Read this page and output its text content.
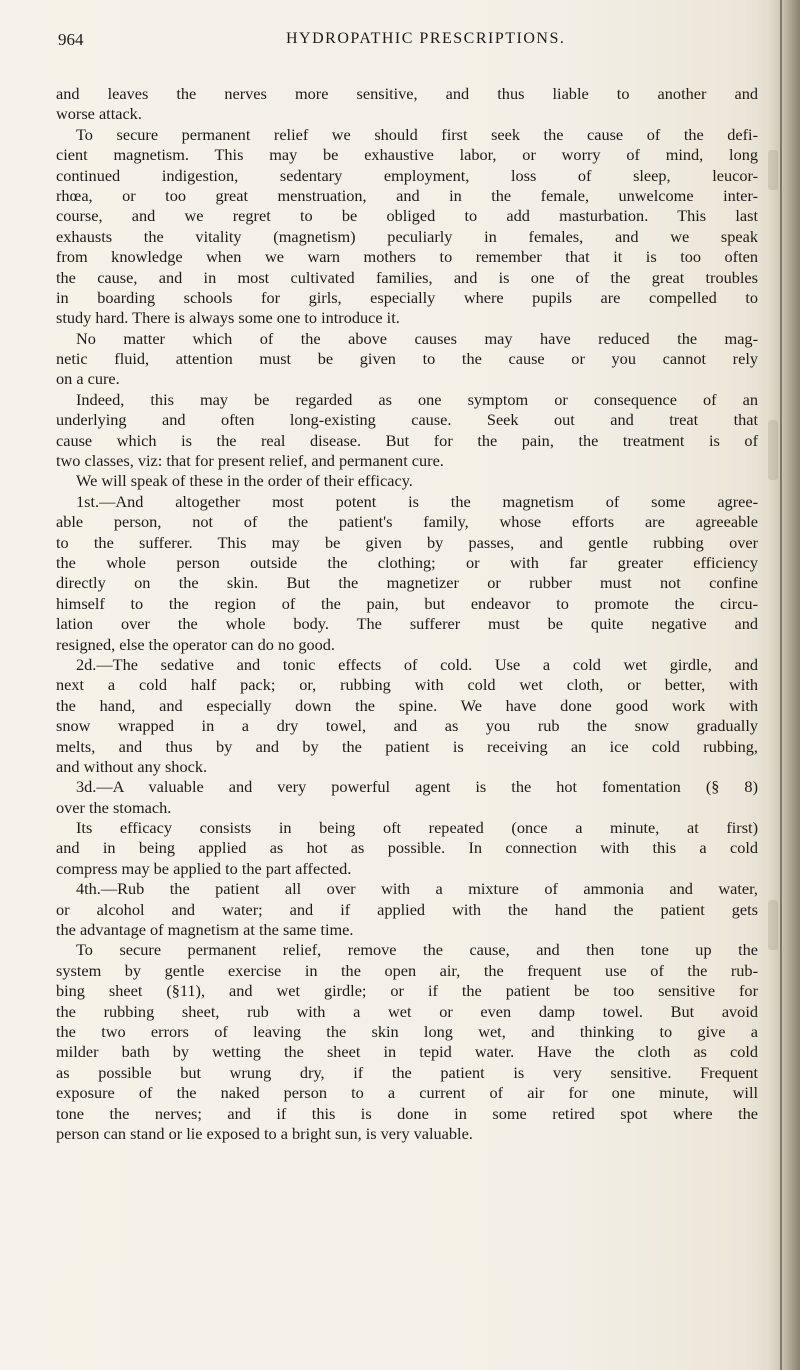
964	HYDROPATHIC PRESCRIPTIONS.
and leaves the nerves more sensitive, and thus liable to another and
worse attack.
To secure permanent relief we should first seek the cause of the defi-
cient magnetism. This may be exhaustive labor, or worry of mind, long
continued indigestion, sedentary employment, loss of sleep, leucor-
rhœa, or too great menstruation, and in the female, unwelcome inter-
course, and we regret to be obliged to add masturbation. This last
exhausts the vitality (magnetism) peculiarly in females, and we speak
from knowledge when we warn mothers to remember that it is too often
the cause, and in most cultivated families, and is one of the great troubles
in boarding schools for girls, especially where pupils are compelled to
study hard. There is always some one to introduce it.
No matter which of the above causes may have reduced the mag-
netic fluid, attention must be given to the cause or you cannot rely
on a cure.
Indeed, this may be regarded as one symptom or consequence of an
underlying and often long-existing cause. Seek out and treat that
cause which is the real disease. But for the pain, the treatment is of
two classes, viz: that for present relief, and permanent cure.
We will speak of these in the order of their efficacy.
1st.—And altogether most potent is the magnetism of some agree-
able person, not of the patient's family, whose efforts are agreeable
to the sufferer. This may be given by passes, and gentle rubbing over
the whole person outside the clothing; or with far greater efficiency
directly on the skin. But the magnetizer or rubber must not confine
himself to the region of the pain, but endeavor to promote the circu-
lation over the whole body. The sufferer must be quite negative and
resigned, else the operator can do no good.
2d.—The sedative and tonic effects of cold. Use a cold wet girdle, and
next a cold half pack; or, rubbing with cold wet cloth, or better, with
the hand, and especially down the spine. We have done good work with
snow wrapped in a dry towel, and as you rub the snow gradually
melts, and thus by and by the patient is receiving an ice cold rubbing,
and without any shock.
3d.—A valuable and very powerful agent is the hot fomentation (§ 8)
over the stomach.
Its efficacy consists in being oft repeated (once a minute, at first)
and in being applied as hot as possible. In connection with this a cold
compress may be applied to the part affected.
4th.—Rub the patient all over with a mixture of ammonia and water,
or alcohol and water; and if applied with the hand the patient gets
the advantage of magnetism at the same time.
To secure permanent relief, remove the cause, and then tone up the
system by gentle exercise in the open air, the frequent use of the rub-
bing sheet (§11), and wet girdle; or if the patient be too sensitive for
the rubbing sheet, rub with a wet or even damp towel. But avoid
the two errors of leaving the skin long wet, and thinking to give a
milder bath by wetting the sheet in tepid water. Have the cloth as cold
as possible but wrung dry, if the patient is very sensitive. Frequent
exposure of the naked person to a current of air for one minute, will
tone the nerves; and if this is done in some retired spot where the
person can stand or lie exposed to a bright sun, is very valuable.
